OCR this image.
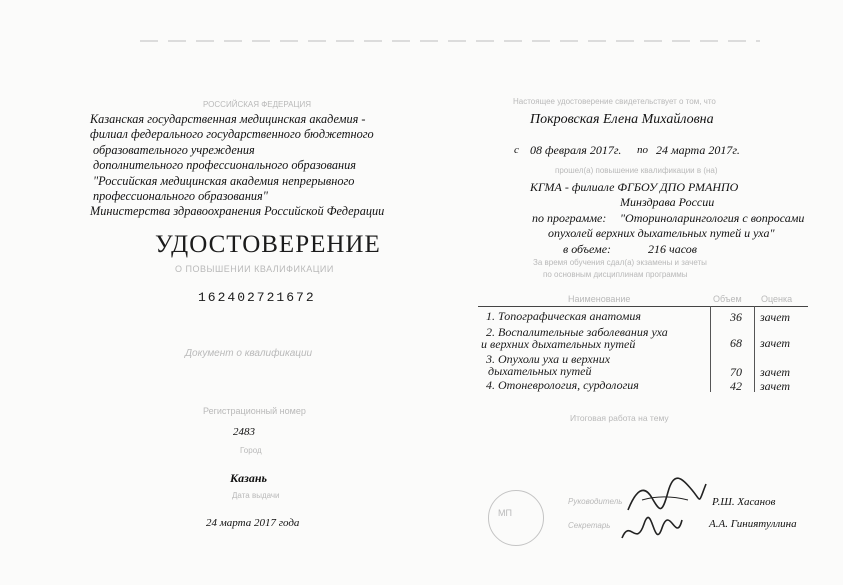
РОССИЙСКАЯ ФЕДЕРАЦИЯ
Казанская государственная медицинская академия -
филиал федерального государственного бюджетного
образовательного учреждения
дополнительного профессионального образования
"Российская медицинская академия непрерывного
профессионального образования"
Министерства здравоохранения Российской Федерации
УДОСТОВЕРЕНИЕ
О ПОВЫШЕНИИ КВАЛИФИКАЦИИ
162402721672
Документ о квалификации
Регистрационный номер
2483
Город
Казань
Дата выдачи
24 марта 2017 года
Настоящее удостоверение свидетельствует о том, что
Покровская Елена Михайловна
с 08 февраля 2017г. по 24 марта 2017г.
прошел(а) повышение квалификации в (на)
КГМА - филиале ФГБОУ ДПО РМАНПО
Минздрава России
по программе: "Оториноларингология с вопросами
опухолей верхних дыхательных путей и уха"
в объеме:	216 часов
За время обучения сдал(а) экзамены и зачеты
по основным дисциплинам программы
Наименование	Объем Оценка
1. Топографическая анатомия	36 зачет
2. Воспалительные заболевания уха
и верхних дыхательных путей	68 зачет
3. Опухоли уха и верхних
дыхательных путей	70 зачет
4. Отоневрология, сурдология	42 зачет
Итоговая работа на тему
МП
Руководитель
Секретарь
Р.Ш. Хасанов
А.А. Гиниятуллина
